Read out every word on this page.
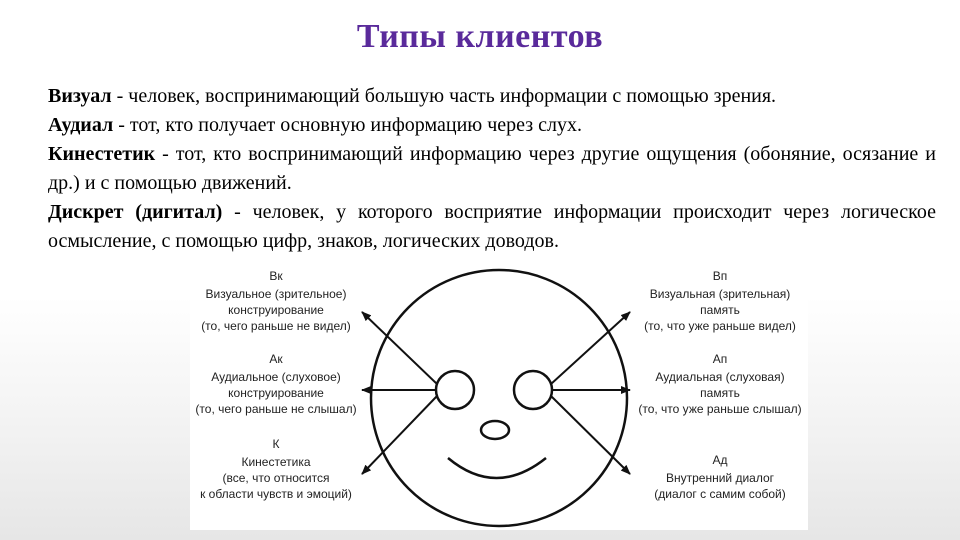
Типы клиентов

Визуал - человек, воспринимающий большую часть информации с помощью зрения.

Аудиал - тот, кто получает основную информацию через слух.

Кинестетик - тот, кто воспринимающий информацию через другие ощущения (обоняние, осязание и др.) и с помощью движений.

Дискрет (дигитал) - человек, у которого восприятие информации происходит через логическое осмысление, с помощью цифр, знаков, логических доводов.

Вк
Визуальное (зрительное)
конструирование
(то, чего раньше не видел)
Ак
Аудиальное (слуховое)
конструирование
(то, чего раньше не слышал)
К
Кинестетика
(все, что относится
к области чувств и эмоций)
Вп
Визуальная (зрительная)
память
(то, что уже раньше видел)
Ап
Аудиальная (слуховая)
память
(то, что уже раньше слышал)
Ад
Внутренний диалог
(диалог с самим собой)
